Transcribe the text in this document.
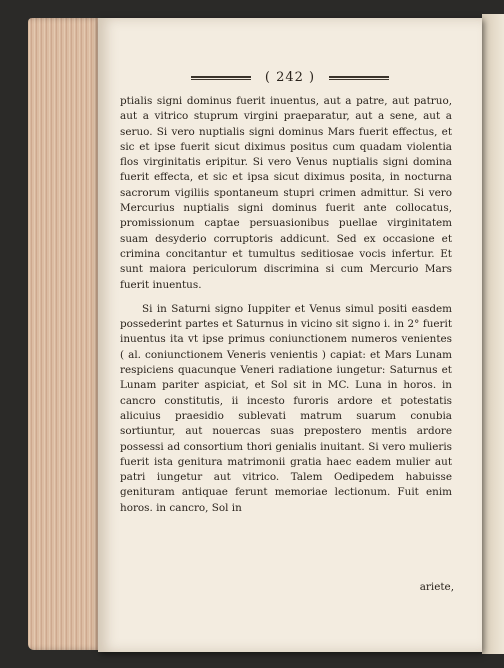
( 242 )

ptialis signi dominus fuerit inuentus, aut a patre, aut patruo, aut a vitrico stuprum virgini praeparatur, aut a sene, aut a seruo. Si vero nuptialis signi dominus Mars fuerit effectus, et sic et ipse fuerit sicut diximus positus cum quadam violentia flos virginitatis eripitur. Si vero Venus nuptialis signi domina fuerit effecta, et sic et ipsa sicut diximus posita, in nocturna sacrorum vigiliis spontaneum stupri crimen admittur. Si vero Mercurius nuptialis signi dominus fuerit ante collocatus, promissionum captae persuasionibus puellae virginitatem suam desyderio corruptoris addicunt. Sed ex occasione et crimina concitantur et tumultus seditiosae vocis infertur. Et sunt maiora periculorum discrimina si cum Mercurio Mars fuerit inuentus.

Si in Saturni signo Iuppiter et Venus simul positi easdem possederint partes et Saturnus in vicino sit signo i. in 2° fuerit inuentus ita vt ipse primus coniunctionem numeros venientes ( al. coniunctionem Veneris venientis ) capiat: et Mars Lunam respiciens quacunque Veneri radiatione iungetur: Saturnus et Lunam pariter aspiciat, et Sol sit in MC. Luna in horos. in cancro constitutis, ii incesto furoris ardore et potestatis alicuius praesidio sublevati matrum suarum conubia sortiuntur, aut nouercas suas prepostero mentis ardore possessi ad consortium thori genialis inuitant. Si vero mulieris fuerit ista genitura matrimonii gratia haec eadem mulier aut patri iungetur aut vitrico. Talem Oedipedem habuisse genituram antiquae ferunt memoriae lectionum. Fuit enim horos. in cancro, Sol in

ariete,
